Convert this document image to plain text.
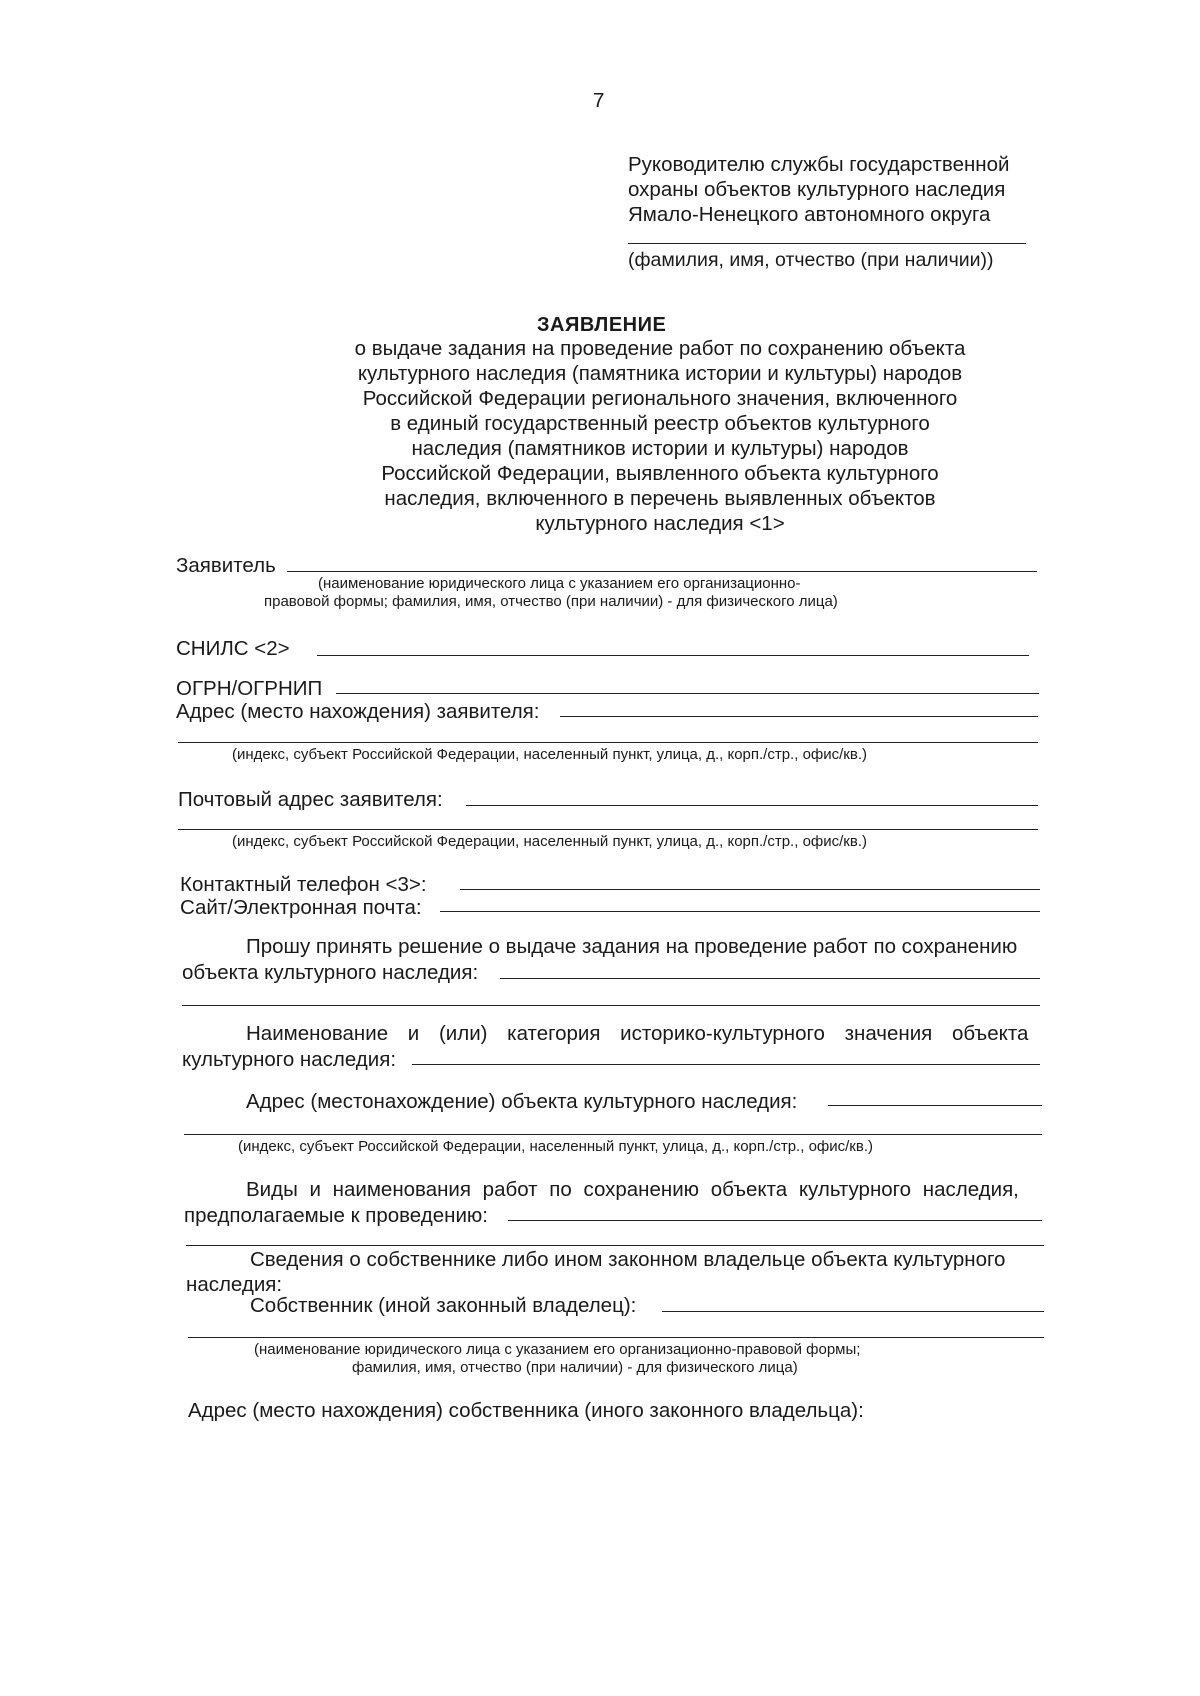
7
Руководителю службы государственной
охраны объектов культурного наследия
Ямало-Ненецкого автономного округа
(фамилия, имя, отчество (при наличии))
ЗАЯВЛЕНИЕ
о выдаче задания на проведение работ по сохранению объекта
культурного наследия (памятника истории и культуры) народов
Российской Федерации регионального значения, включенного
в единый государственный реестр объектов культурного
наследия (памятников истории и культуры) народов
Российской Федерации, выявленного объекта культурного
наследия, включенного в перечень выявленных объектов
культурного наследия <1>
Заявитель
(наименование юридического лица с указанием его организационно-
правовой формы; фамилия, имя, отчество (при наличии) - для физического лица)
СНИЛС <2>
ОГРН/ОГРНИП
Адрес (место нахождения) заявителя:
(индекс, субъект Российской Федерации, населенный пункт, улица, д., корп./стр., офис/кв.)
Почтовый адрес заявителя:
(индекс, субъект Российской Федерации, населенный пункт, улица, д., корп./стр., офис/кв.)
Контактный телефон <3>:
Сайт/Электронная почта:
Прошу принять решение о выдаче задания на проведение работ по сохранению
объекта культурного наследия:
Наименование и (или) категория историко-культурного значения объекта
культурного наследия:
Адрес (местонахождение) объекта культурного наследия:
(индекс, субъект Российской Федерации, населенный пункт, улица, д., корп./стр., офис/кв.)
Виды и наименования работ по сохранению объекта культурного наследия,
предполагаемые к проведению:
Сведения о собственнике либо ином законном владельце объекта культурного
наследия:
Собственник (иной законный владелец):
(наименование юридического лица с указанием его организационно-правовой формы;
фамилия, имя, отчество (при наличии) - для физического лица)
Адрес (место нахождения) собственника (иного законного владельца):
